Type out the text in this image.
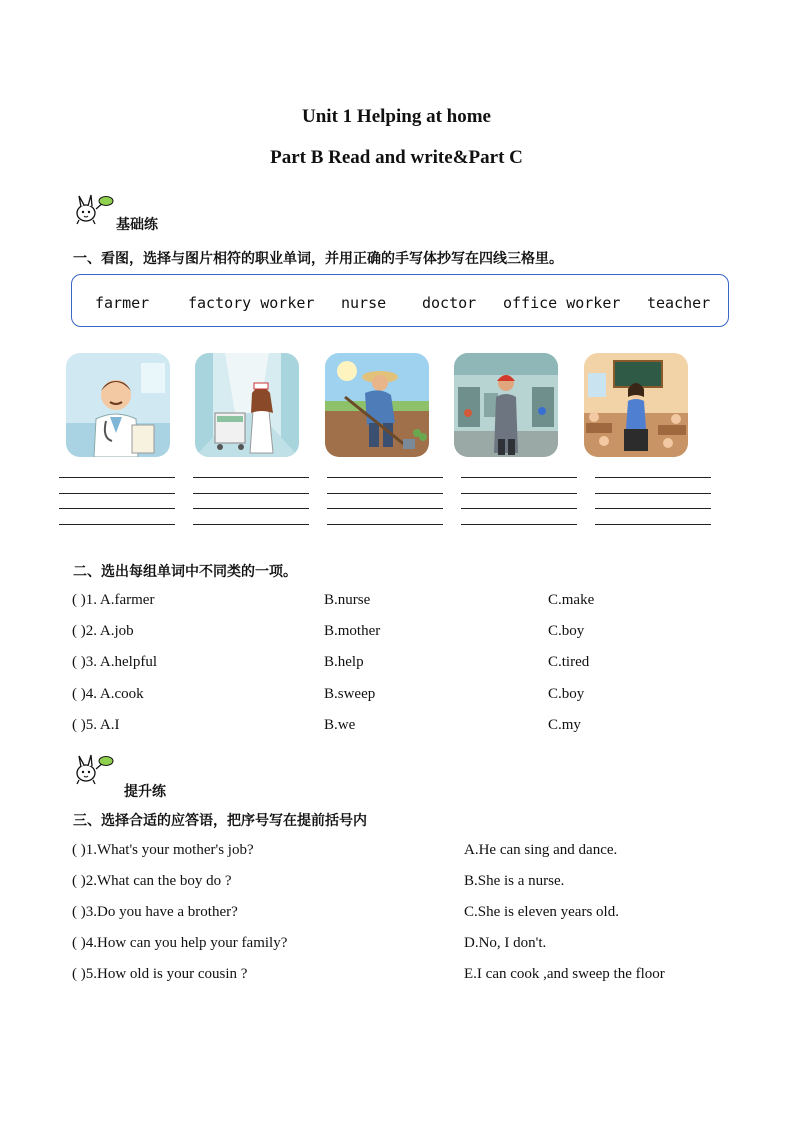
Unit 1 Helping at home
Part B Read and write&Part C
基础练
一、看图，选择与图片相符的职业单词，并用正确的手写体抄写在四线三格里。
farmer	factory worker nurse doctor office worker teacher
二、选出每组单词中不同类的一项。
( )1. A.farmer	B.nurse	C.make
( )2. A.job	B.mother	C.boy
( )3. A.helpful	B.help	C.tired
( )4. A.cook	B.sweep	C.boy
( )5. A.I	B.we	C.my
提升练
三、选择合适的应答语，把序号写在提前括号内
( )1.What's your mother's job?	A.He can sing and dance.
( )2.What can the boy do ?	B.She is a nurse.
( )3.Do you have a brother?	C.She is eleven years old.
( )4.How can you help your family?	D.No, I don't.
( )5.How old is your cousin ?	E.I can cook ,and sweep the floor
